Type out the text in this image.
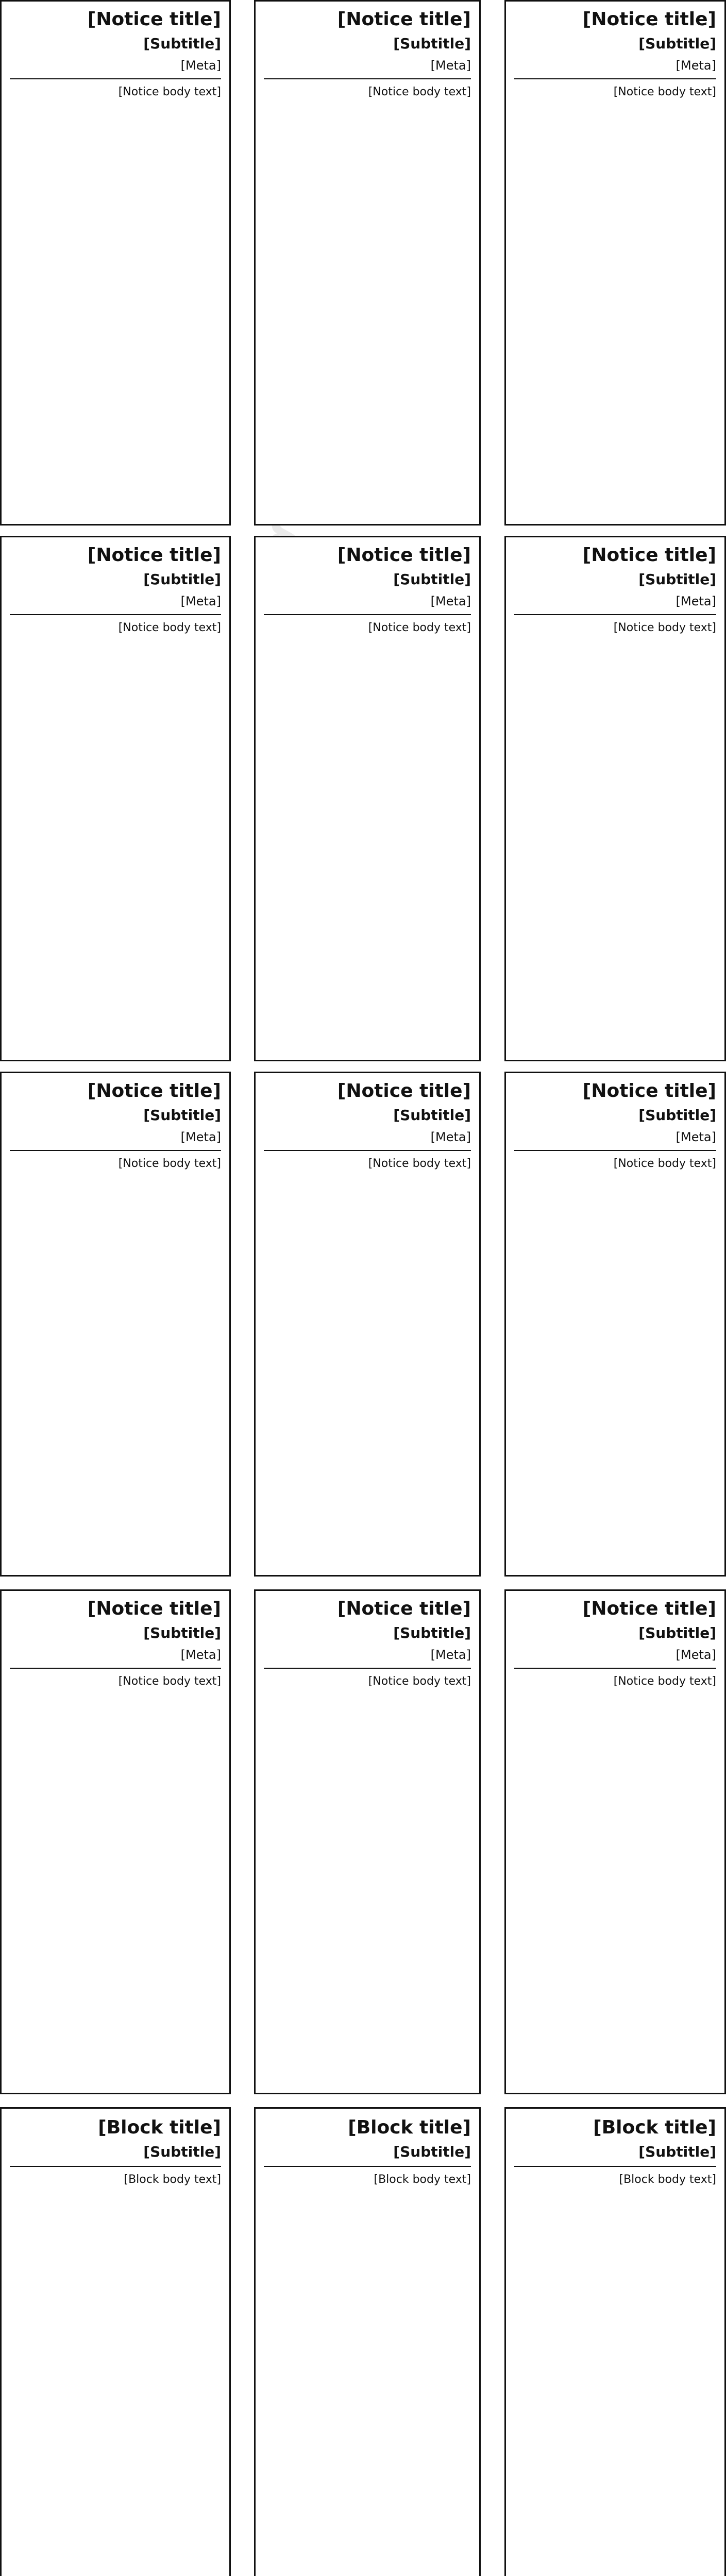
[Notice title]
[Subtitle]
[Meta]
[Notice body text]
[Notice title]
[Subtitle]
[Meta]
[Notice body text]
[Notice title]
[Subtitle]
[Meta]
[Notice body text]
[Notice title]
[Subtitle]
[Meta]
[Notice body text]
[Notice title]
[Subtitle]
[Meta]
[Notice body text]
[Notice title]
[Subtitle]
[Meta]
[Notice body text]
[Notice title]
[Subtitle]
[Meta]
[Notice body text]
[Notice title]
[Subtitle]
[Meta]
[Notice body text]
[Notice title]
[Subtitle]
[Meta]
[Notice body text]
[Notice title]
[Subtitle]
[Meta]
[Notice body text]
[Notice title]
[Subtitle]
[Meta]
[Notice body text]
[Notice title]
[Subtitle]
[Meta]
[Notice body text]
[Block title]
[Subtitle]
[Block body text]
[Block title]
[Subtitle]
[Block body text]
[Block title]
[Subtitle]
[Block body text]
